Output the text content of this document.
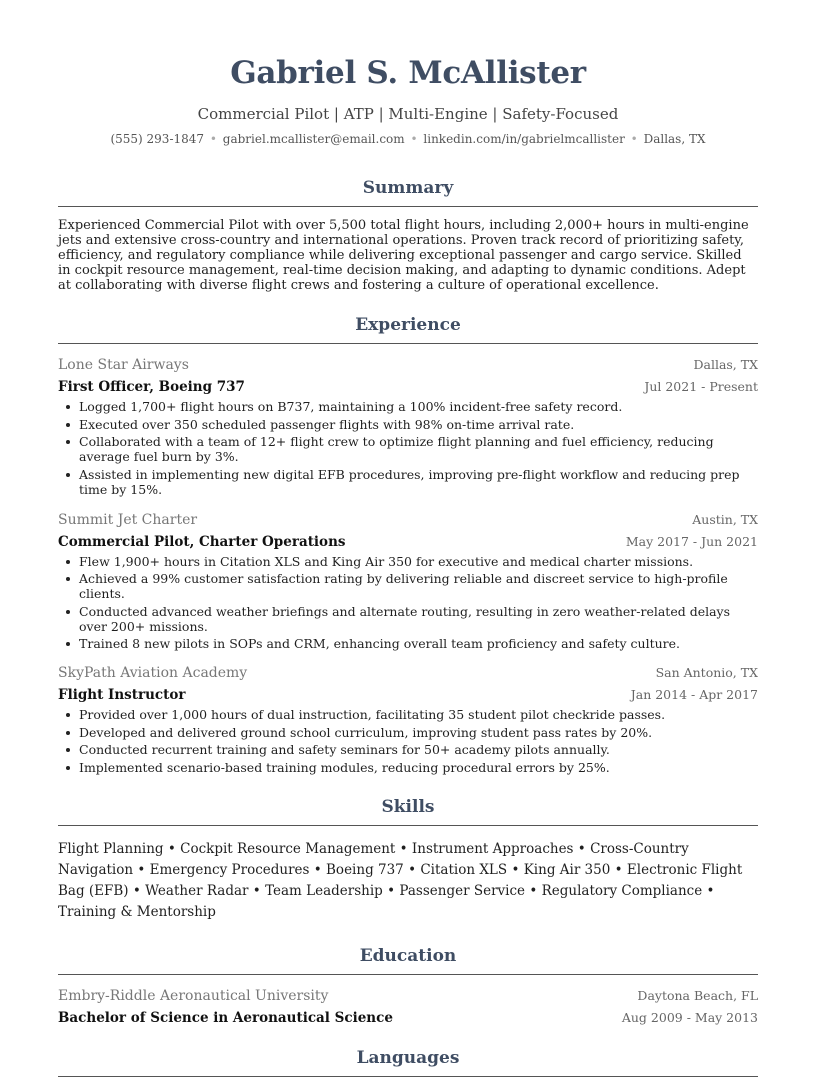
Gabriel S. McAllister
Commercial Pilot | ATP | Multi-Engine | Safety-Focused
(555) 293-1847 • gabriel.mcallister@email.com • linkedin.com/in/gabrielmcallister • Dallas, TX
Summary
Experienced Commercial Pilot with over 5,500 total flight hours, including 2,000+ hours in multi-engine jets and extensive cross-country and international operations. Proven track record of prioritizing safety, efficiency, and regulatory compliance while delivering exceptional passenger and cargo service. Skilled in cockpit resource management, real-time decision making, and adapting to dynamic conditions. Adept at collaborating with diverse flight crews and fostering a culture of operational excellence.
Experience
Lone Star Airways	Dallas, TX
First Officer, Boeing 737	Jul 2021 - Present
Logged 1,700+ flight hours on B737, maintaining a 100% incident-free safety record.
Executed over 350 scheduled passenger flights with 98% on-time arrival rate.
Collaborated with a team of 12+ flight crew to optimize flight planning and fuel efficiency, reducing average fuel burn by 3%.
Assisted in implementing new digital EFB procedures, improving pre-flight workflow and reducing prep time by 15%.
Summit Jet Charter	Austin, TX
Commercial Pilot, Charter Operations	May 2017 - Jun 2021
Flew 1,900+ hours in Citation XLS and King Air 350 for executive and medical charter missions.
Achieved a 99% customer satisfaction rating by delivering reliable and discreet service to high-profile clients.
Conducted advanced weather briefings and alternate routing, resulting in zero weather-related delays over 200+ missions.
Trained 8 new pilots in SOPs and CRM, enhancing overall team proficiency and safety culture.
SkyPath Aviation Academy	San Antonio, TX
Flight Instructor	Jan 2014 - Apr 2017
Provided over 1,000 hours of dual instruction, facilitating 35 student pilot checkride passes.
Developed and delivered ground school curriculum, improving student pass rates by 20%.
Conducted recurrent training and safety seminars for 50+ academy pilots annually.
Implemented scenario-based training modules, reducing procedural errors by 25%.
Skills
Flight Planning • Cockpit Resource Management • Instrument Approaches • Cross-Country Navigation • Emergency Procedures • Boeing 737 • Citation XLS • King Air 350 • Electronic Flight Bag (EFB) • Weather Radar • Team Leadership • Passenger Service • Regulatory Compliance • Training & Mentorship
Education
Embry-Riddle Aeronautical University	Daytona Beach, FL
Bachelor of Science in Aeronautical Science	Aug 2009 - May 2013
Languages
